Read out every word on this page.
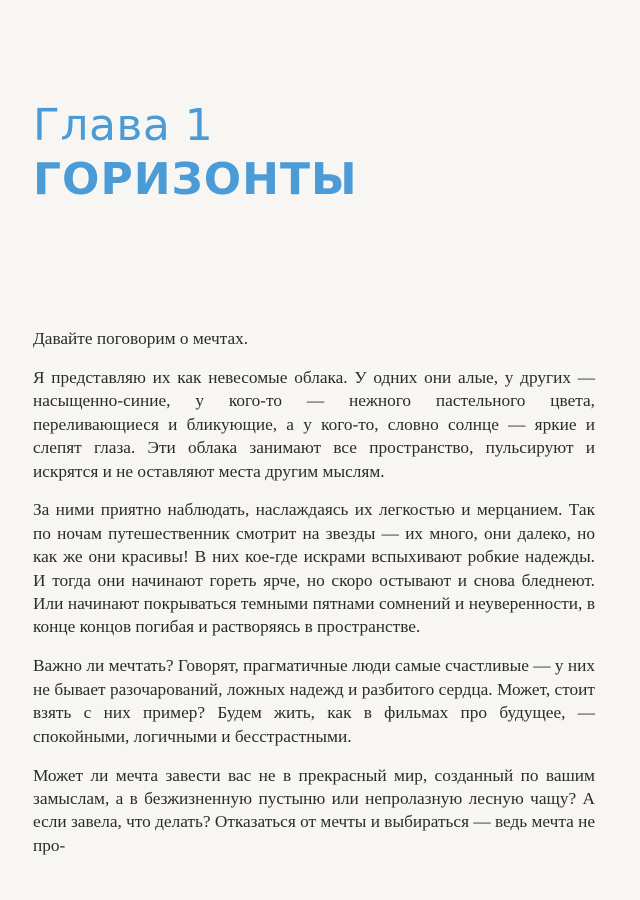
Глава 1
ГОРИЗОНТЫ

Давайте поговорим о мечтах.

Я представляю их как невесомые облака. У одних они алые, у других — насыщенно-синие, у кого-то — нежного пастельного цвета, переливающиеся и бликующие, а у кого-то, словно солнце — яркие и слепят глаза. Эти облака занимают все пространство, пульсируют и искрятся и не оставляют места другим мыслям.

За ними приятно наблюдать, наслаждаясь их легкостью и мерцанием. Так по ночам путешественник смотрит на звезды — их много, они далеко, но как же они красивы! В них кое-где искрами вспыхивают робкие надежды. И тогда они начинают гореть ярче, но скоро остывают и снова бледнеют. Или начинают покрываться темными пятнами сомнений и неуверенности, в конце концов погибая и растворяясь в пространстве.

Важно ли мечтать? Говорят, прагматичные люди самые счастливые — у них не бывает разочарований, ложных надежд и разбитого сердца. Может, стоит взять с них пример? Будем жить, как в фильмах про будущее, — спокойными, логичными и бесстрастными.

Может ли мечта завести вас не в прекрасный мир, созданный по вашим замыслам, а в безжизненную пустыню или непролазную лесную чащу? А если завела, что делать? Отказаться от мечты и выбираться — ведь мечта не про-
